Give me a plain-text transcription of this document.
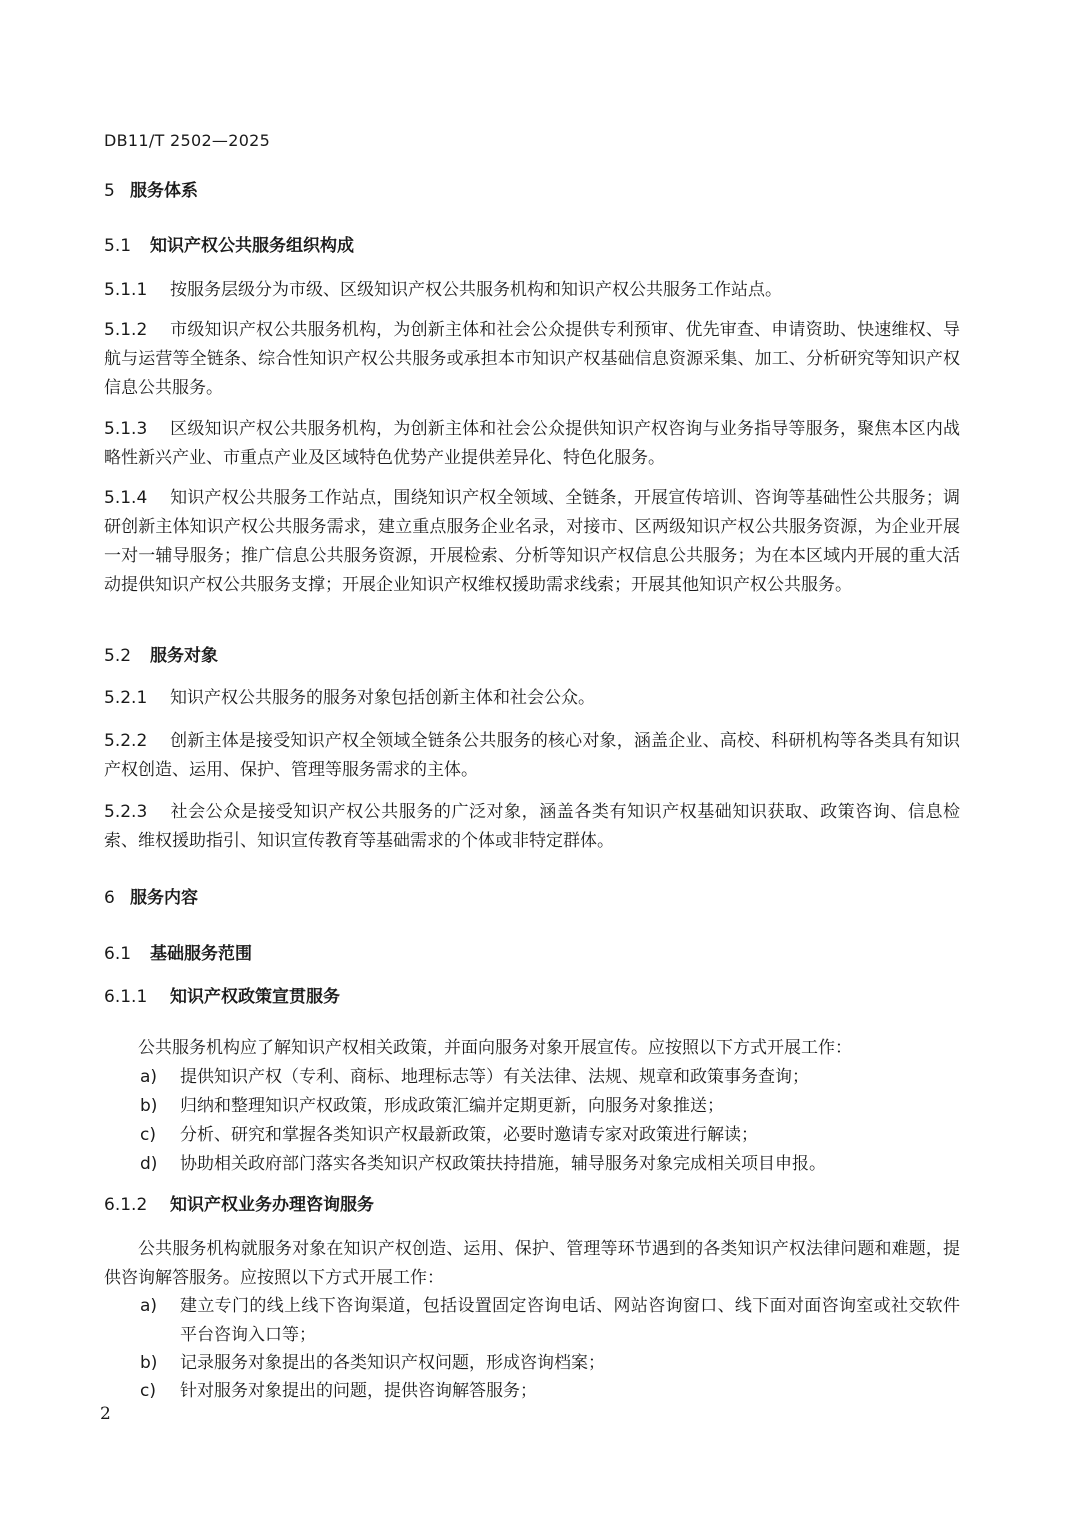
DB11/T 2502—2025
5 服务体系
5.1 知识产权公共服务组织构成
5.1.1 按服务层级分为市级、区级知识产权公共服务机构和知识产权公共服务工作站点。
5.1.2 市级知识产权公共服务机构，为创新主体和社会公众提供专利预审、优先审查、申请资助、快速维权、导航与运营等全链条、综合性知识产权公共服务或承担本市知识产权基础信息资源采集、加工、分析研究等知识产权信息公共服务。
5.1.3 区级知识产权公共服务机构，为创新主体和社会公众提供知识产权咨询与业务指导等服务，聚焦本区内战略性新兴产业、市重点产业及区域特色优势产业提供差异化、特色化服务。
5.1.4 知识产权公共服务工作站点，围绕知识产权全领域、全链条，开展宣传培训、咨询等基础性公共服务；调研创新主体知识产权公共服务需求，建立重点服务企业名录，对接市、区两级知识产权公共服务资源，为企业开展一对一辅导服务；推广信息公共服务资源，开展检索、分析等知识产权信息公共服务；为在本区域内开展的重大活动提供知识产权公共服务支撑；开展企业知识产权维权援助需求线索；开展其他知识产权公共服务。
5.2 服务对象
5.2.1 知识产权公共服务的服务对象包括创新主体和社会公众。
5.2.2 创新主体是接受知识产权全领域全链条公共服务的核心对象，涵盖企业、高校、科研机构等各类具有知识产权创造、运用、保护、管理等服务需求的主体。
5.2.3 社会公众是接受知识产权公共服务的广泛对象，涵盖各类有知识产权基础知识获取、政策咨询、信息检索、维权援助指引、知识宣传教育等基础需求的个体或非特定群体。
6 服务内容
6.1 基础服务范围
6.1.1 知识产权政策宣贯服务
公共服务机构应了解知识产权相关政策，并面向服务对象开展宣传。应按照以下方式开展工作：
a)	提供知识产权（专利、商标、地理标志等）有关法律、法规、规章和政策事务查询；
b)	归纳和整理知识产权政策，形成政策汇编并定期更新，向服务对象推送；
c)	分析、研究和掌握各类知识产权最新政策，必要时邀请专家对政策进行解读；
d)	协助相关政府部门落实各类知识产权政策扶持措施，辅导服务对象完成相关项目申报。
6.1.2 知识产权业务办理咨询服务
公共服务机构就服务对象在知识产权创造、运用、保护、管理等环节遇到的各类知识产权法律问题和难题，提供咨询解答服务。应按照以下方式开展工作：
a)	建立专门的线上线下咨询渠道，包括设置固定咨询电话、网站咨询窗口、线下面对面咨询室或社交软件平台咨询入口等；
b)	记录服务对象提出的各类知识产权问题，形成咨询档案；
c)	针对服务对象提出的问题，提供咨询解答服务；
2
